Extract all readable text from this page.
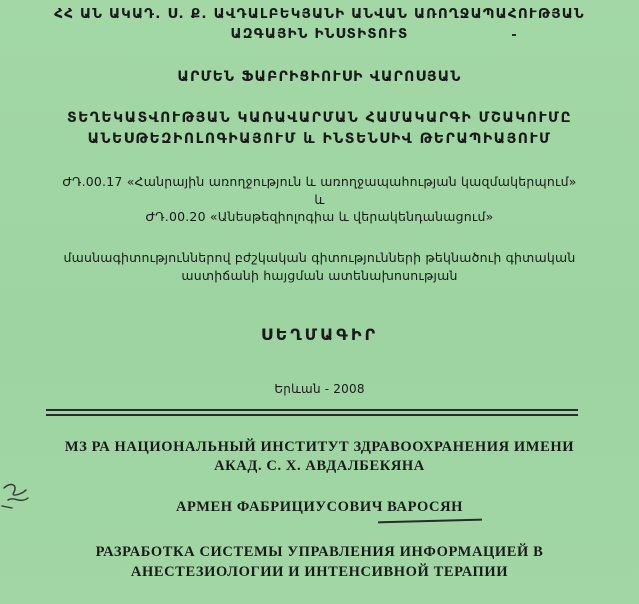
ՀՀ ԱՆ ԱԿԱԴ. Ս. Ք. ԱՎԴԱԼԲԵԿՅԱՆԻ ԱՆՎԱՆ ԱՌՈՂՋԱՊԱՀՈՒԹՅԱՆ
ԱԶԳԱՅԻՆ ԻՆՍՏԻՏՈՒՏ
ԱՐՄԵՆ ՖԱԲՐԻՑԻՈՒՍԻ ՎԱՐՈՍՅԱՆ
ՏԵՂԵԿԱՏՎՈՒԹՅԱՆ ԿԱՌԱՎԱՐՄԱՆ ՀԱՄԱԿԱՐԳԻ ՄՇԱԿՈՒՄԸ
ԱՆԵՍԹԵԶԻՈԼՈԳԻԱՅՈՒՄ և ԻՆՏԵՆՍԻՎ ԹԵՐԱՊԻԱՅՈՒՄ
ԺԴ.00.17 «Հանրային առողջություն և առողջապահության կազմակերպում»
և
ԺԴ.00.20 «Անեսթեզիոլոգիա և վերակենդանացում»
մասնագիտություններով բժշկական գիտությունների թեկնածուի գիտական
աստիճանի հայցման ատենախոսության
ՍԵՂՄԱԳԻՐ
Երևան - 2008
МЗ РА НАЦИОНАЛЬНЫЙ ИНСТИТУТ ЗДРАВООХРАНЕНИЯ ИМЕНИ
АКАД. С. Х. АВДАЛБЕКЯНА
АРМЕН ФАБРИЦИУСОВИЧ ВАРОСЯН
РАЗРАБОТКА СИСТЕМЫ УПРАВЛЕНИЯ ИНФОРМАЦИЕЙ В
АНЕСТЕЗИОЛОГИИ И ИНТЕНСИВНОЙ ТЕРАПИИ
